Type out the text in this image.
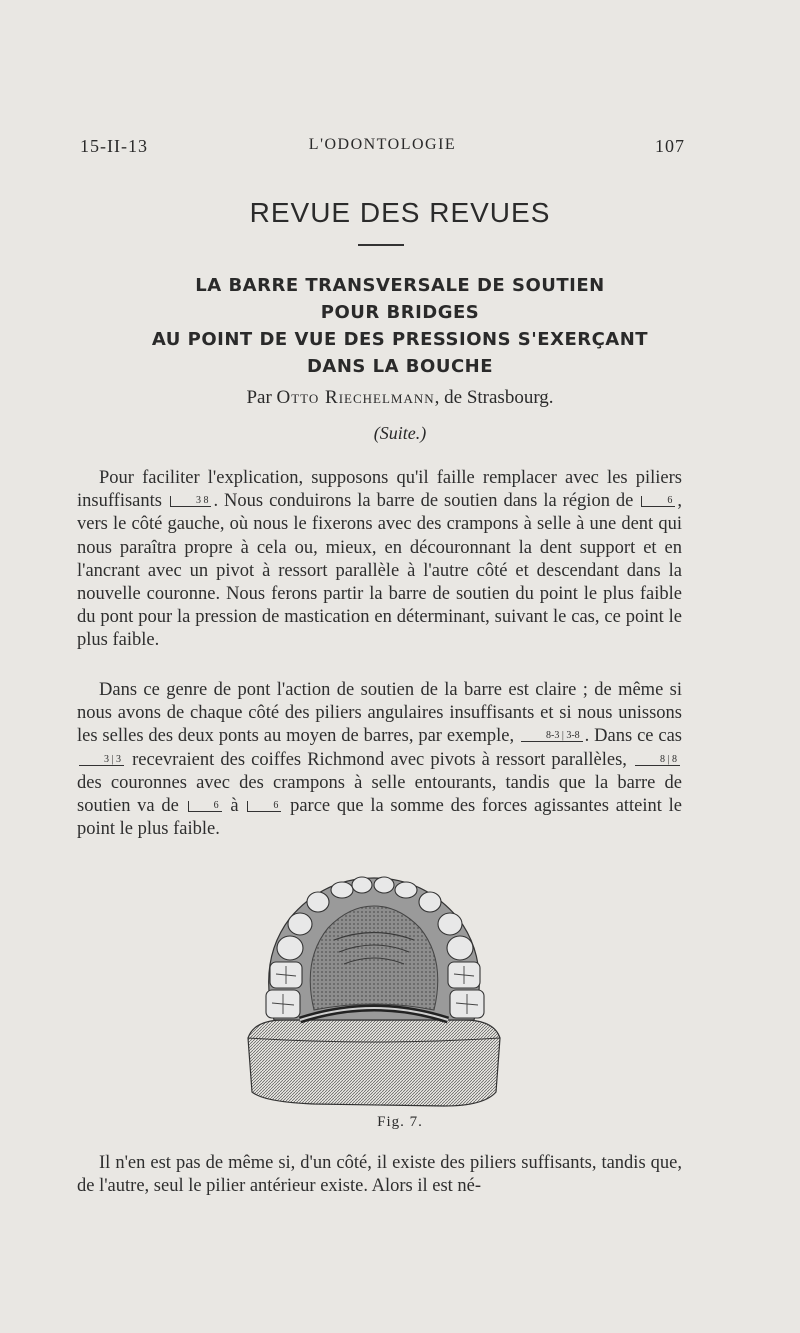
15-II-13	L'ODONTOLOGIE	107
REVUE DES REVUES
LA BARRE TRANSVERSALE DE SOUTIEN
POUR BRIDGES
AU POINT DE VUE DES PRESSIONS S'EXERÇANT
DANS LA BOUCHE
Par Otto Riechelmann, de Strasbourg.
(Suite.)

Pour faciliter l'explication, supposons qu'il faille remplacer avec les piliers insuffisants	3 8 . Nous conduirons la barre de soutien dans la région de	6 , vers le côté gauche, où nous le fixerons avec des crampons à selle à une dent qui nous paraîtra propre à cela ou, mieux, en découronnant la dent support et en l'ancrant avec un pivot à ressort parallèle à l'autre côté et descendant dans la nouvelle couronne. Nous ferons partir la barre de soutien du point le plus faible du pont pour la pression de mastication en déterminant, suivant le cas, ce point le plus faible.

Dans ce genre de pont l'action de soutien de la barre est claire ; de même si nous avons de chaque côté des piliers angulaires insuffisants et si nous unissons les selles des deux ponts au moyen de barres, par exemple,	8-3 | 3-8 . Dans ce cas 3 | 3 recevraient des coiffes Richmond avec pivots à ressort parallèles,	8 | 8 des couronnes avec des crampons à selle entourants, tandis que la barre de soutien va de	6 à	6 parce que la somme des forces agissantes atteint le point le plus faible.

Fig. 7.

Il n'en est pas de même si, d'un côté, il existe des piliers suffisants, tandis que, de l'autre, seul le pilier antérieur existe. Alors il est né-
